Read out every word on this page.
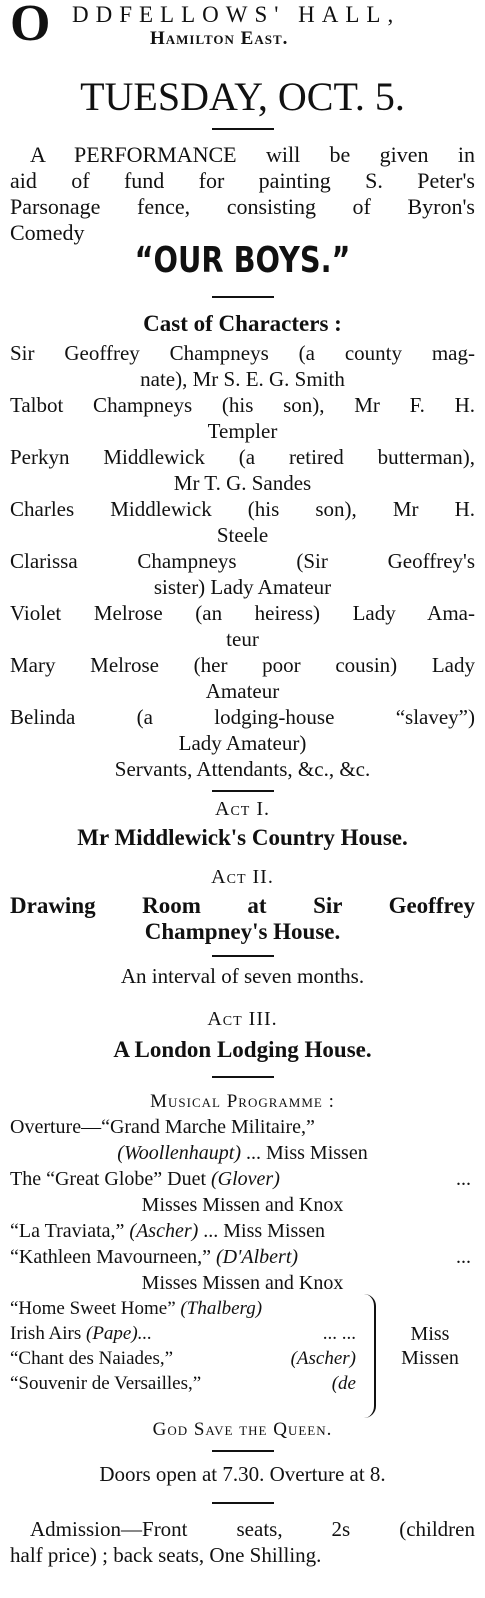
O DDFELLOWS' HALL,
Hamilton East.
TUESDAY, OCT. 5.
A PERFORMANCE will be given in
aid of fund for painting S. Peter's
Parsonage fence, consisting of Byron's
Comedy
“OUR BOYS.”
Cast of Characters :
Sir Geoffrey Champneys (a county mag-
nate), Mr S. E. G. Smith
Talbot Champneys (his son), Mr F. H.
Templer
Perkyn Middlewick (a retired butterman),
Mr T. G. Sandes
Charles Middlewick (his son), Mr H.
Steele
Clarissa Champneys (Sir Geoffrey's
sister) Lady Amateur
Violet Melrose (an heiress) Lady Ama-
teur
Mary Melrose (her poor cousin) Lady
Amateur
Belinda (a lodging-house “slavey”)
Lady Amateur)
Servants, Attendants, &c., &c.
Act I.
Mr Middlewick's Country House.
Act II.
Drawing Room at Sir Geoffrey
Champney's House.
An interval of seven months.
Act III.
A London Lodging House.
Musical Programme :
Overture—“Grand Marche Militaire,”
(Woollenhaupt) ... Miss Missen
The “Great Globe” Duet (Glover)	...
Misses Missen and Knox
“La Traviata,” (Ascher) ... Miss Missen
“Kathleen Mavourneen,” (D'Albert)	...
Misses Missen and Knox
“Home Sweet Home” (Thalberg)
Irish Airs (Pape)...	... ...
“Chant des Naiades,”	(Ascher)
“Souvenir de Versailles,”	(de
Miss
Missen
God Save the Queen.
Doors open at 7.30. Overture at 8.
Admission—Front seats, 2s (children
half price) ; back seats, One Shilling.
